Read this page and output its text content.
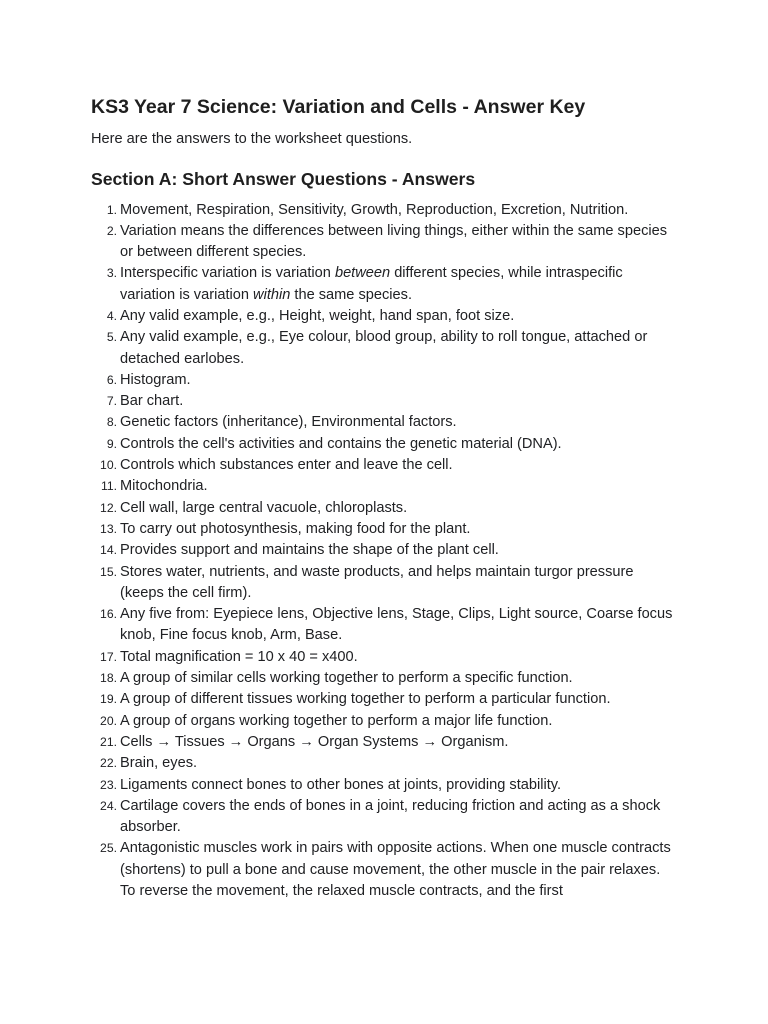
KS3 Year 7 Science: Variation and Cells - Answer Key

Here are the answers to the worksheet questions.

Section A: Short Answer Questions - Answers
1. Movement, Respiration, Sensitivity, Growth, Reproduction, Excretion, Nutrition.
2. Variation means the differences between living things, either within the same species or between different species.
3. Interspecific variation is variation between different species, while intraspecific variation is variation within the same species.
4. Any valid example, e.g., Height, weight, hand span, foot size.
5. Any valid example, e.g., Eye colour, blood group, ability to roll tongue, attached or detached earlobes.
6. Histogram.
7. Bar chart.
8. Genetic factors (inheritance), Environmental factors.
9. Controls the cell's activities and contains the genetic material (DNA).
10. Controls which substances enter and leave the cell.
11. Mitochondria.
12. Cell wall, large central vacuole, chloroplasts.
13. To carry out photosynthesis, making food for the plant.
14. Provides support and maintains the shape of the plant cell.
15. Stores water, nutrients, and waste products, and helps maintain turgor pressure (keeps the cell firm).
16. Any five from: Eyepiece lens, Objective lens, Stage, Clips, Light source, Coarse focus knob, Fine focus knob, Arm, Base.
17. Total magnification = 10 x 40 = x400.
18. A group of similar cells working together to perform a specific function.
19. A group of different tissues working together to perform a particular function.
20. A group of organs working together to perform a major life function.
21. Cells → Tissues → Organs → Organ Systems → Organism.
22. Brain, eyes.
23. Ligaments connect bones to other bones at joints, providing stability.
24. Cartilage covers the ends of bones in a joint, reducing friction and acting as a shock absorber.
25. Antagonistic muscles work in pairs with opposite actions. When one muscle contracts (shortens) to pull a bone and cause movement, the other muscle in the pair relaxes. To reverse the movement, the relaxed muscle contracts, and the first
